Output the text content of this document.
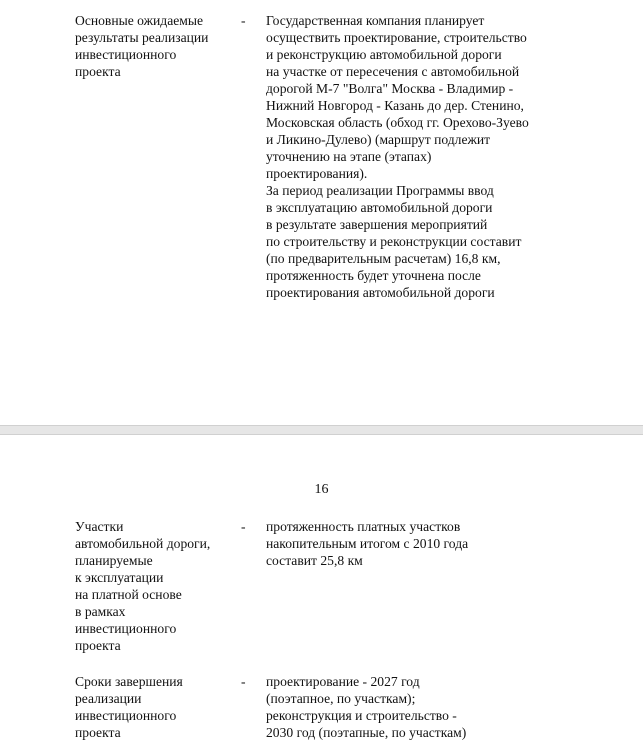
Основные ожидаемые
результаты реализации
инвестиционного
проекта
- Государственная компания планирует
осуществить проектирование, строительство
и реконструкцию автомобильной дороги
на участке от пересечения с автомобильной
дорогой М-7 "Волга" Москва - Владимир -
Нижний Новгород - Казань до дер. Стенино,
Московская область (обход гг. Орехово-Зуево
и Ликино-Дулево) (маршрут подлежит
уточнению на этапе (этапах)
проектирования).
За период реализации Программы ввод
в эксплуатацию автомобильной дороги
в результате завершения мероприятий
по строительству и реконструкции составит
(по предварительным расчетам) 16,8 км,
протяженность будет уточнена после
проектирования автомобильной дороги
16
Участки
автомобильной дороги,
планируемые
к эксплуатации
на платной основе
в рамках
инвестиционного
проекта
- протяженность платных участков
накопительным итогом с 2010 года
составит 25,8 км
Сроки завершения
реализации
инвестиционного
проекта
- проектирование - 2027 год
(поэтапное, по участкам);
реконструкция и строительство -
2030 год (поэтапные, по участкам)
